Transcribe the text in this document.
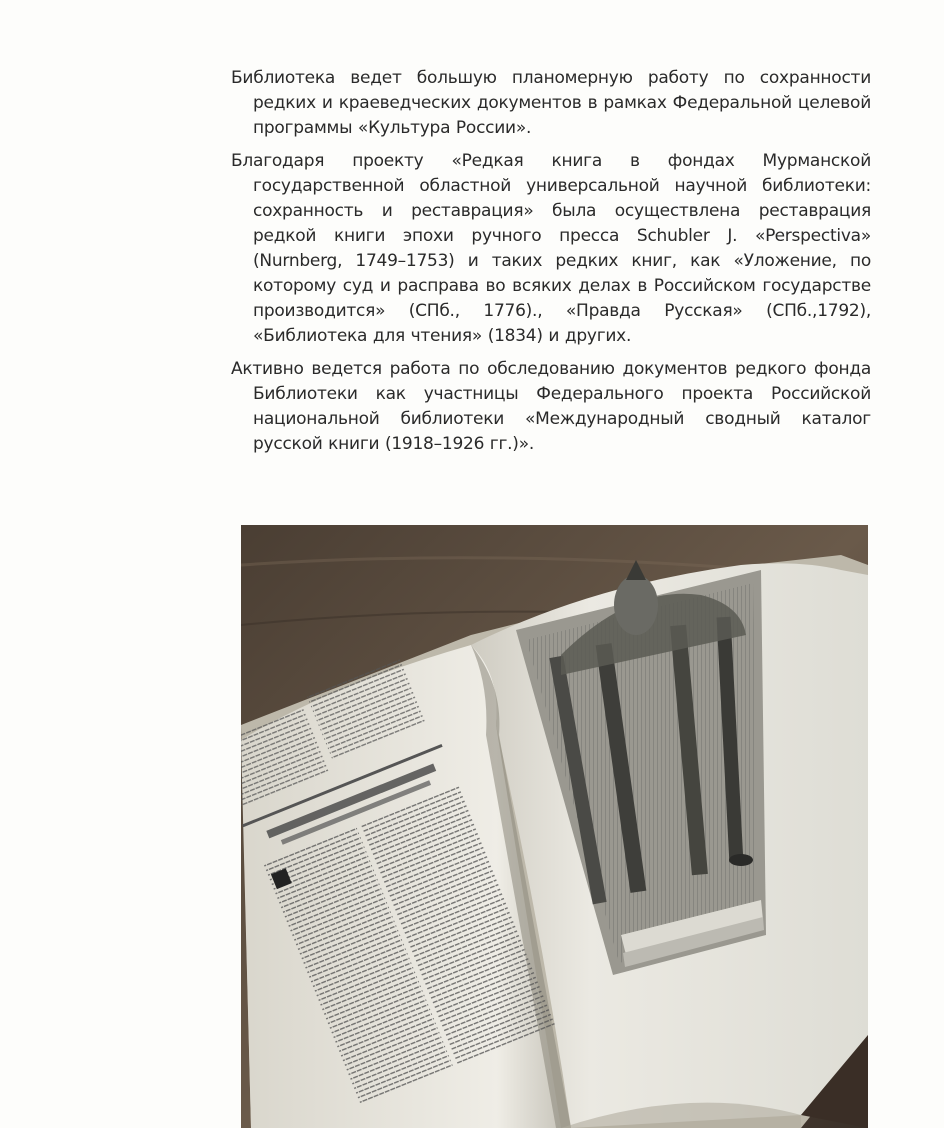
Библиотека ведет большую планомерную работу по сохранности редких и краеведческих документов в рамках Федеральной целевой программы «Культура России».

Благодаря проекту «Редкая книга в фондах Мурманской государственной областной универсальной научной библиотеки: сохранность и реставрация» была осуществлена реставрация редкой книги эпохи ручного пресса Schubler J. «Perspectiva» (Nurnberg, 1749–1753) и таких редких книг, как «Уложение, по которому суд и расправа во всяких делах в Российском государстве производится» (СПб., 1776)., «Правда Русская» (СПб.,1792), «Библиотека для чтения» (1834) и других.

Активно ведется работа по обследованию документов редкого фонда Библиотеки как участницы Федерального проекта Российской национальной библиотеки «Международный сводный каталог русской книги (1918–1926 гг.)».
